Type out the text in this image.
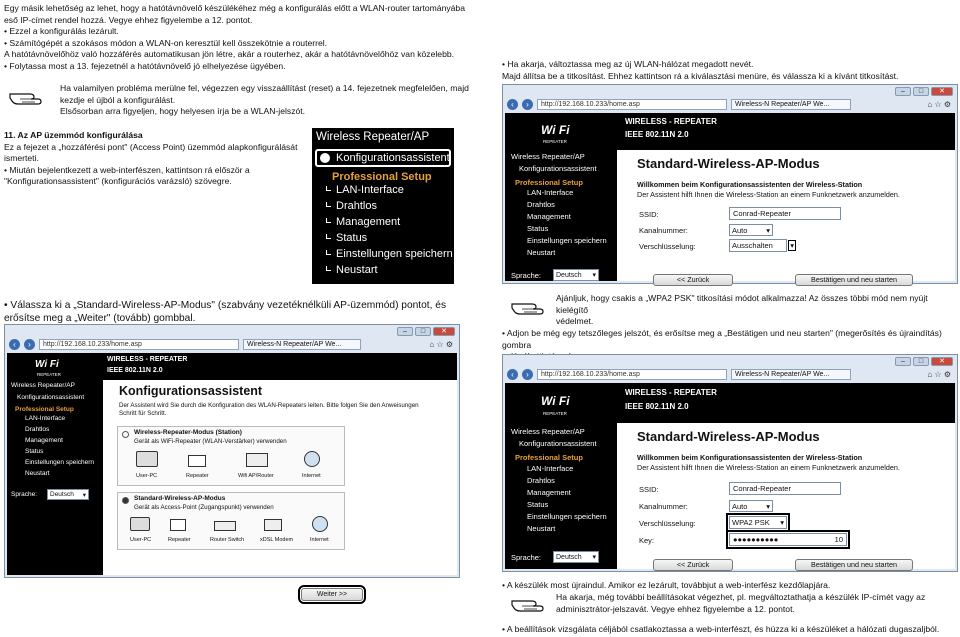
Egy másik lehetőség az lehet, hogy a hatótávnövelő készülékéhez még a konfigurálás előtt a WLAN-router tartományába
eső IP-címet rendel hozzá. Vegye ehhez figyelembe a 12. pontot.
• Ezzel a konfigurálás lezárult.
• Számítógépét a szokásos módon a WLAN-on keresztül kell összekötnie a routerrel.
A hatótávnövelőhöz való hozzáférés automatikusan jön létre, akár a routerhez, akár a hatótávnövelőhöz van közelebb.
• Folytassa most a 13. fejezetnél a hatótávnövelő jó elhelyezése ügyében.
Ha valamilyen probléma merülne fel, végezzen egy visszaállítást (reset) a 14. fejezetnek megfelelően, majd
kezdje el újból a konfigurálást.
Elsősorban arra figyeljen, hogy helyesen írja be a WLAN-jelszót.
11. Az AP üzemmód konfigurálása
Ez a fejezet a „hozzáférési pont" (Access Point) üzemmód alapkonfigurálását
ismerteti.
• Miután bejelentkezett a web-interfészen, kattintson rá először a
"Konfigurationsassistent" (konfigurációs varázsló) szövegre.
Wireless Repeater/AP
Konfigurationsassistent
Professional Setup
LAN-Interface
Drahtlos
Management
Status
Einstellungen speichern
Neustart
• Ha akarja, változtassa meg az új WLAN-hálózat megadott nevét.
Majd állítsa be a titkosítást. Ehhez kattintson rá a kiválasztási menüre, és válassza ki a kívánt titkosítást.
–	□	✕
‹	›	http://192.168.10.233/home.asp	Wireless-N Repeater/AP We...	⌂ ☆ ⚙
Wi Fi
REPEATER
WIRELESS - REPEATER
IEEE 802.11N 2.0
Wireless Repeater/AP
Konfigurationsassistent
Professional Setup
LAN-Interface
Drahtlos
Management
Status
Einstellungen speichern
Neustart
Sprache: Deutsch ▾
Standard-Wireless-AP-Modus
Willkommen beim Konfigurationsassistenten der Wireless-Station
Der Assistent hilft Ihnen die Wireless-Station an einem Funknetzwerk anzumelden.
SSID:	Conrad-Repeater
Kanalnummer:	Auto	▾
Verschlüsselung:	Ausschalten ▾
<< Zurück	Bestätigen und neu starten
• Válassza ki a „Standard-Wireless-AP-Modus" (szabvány vezetéknélküli AP-üzemmód) pontot, és
erősítse meg a „Weiter" (tovább) gombbal.
–	□	✕
‹	›	http://192.168.10.233/home.asp	Wireless-N Repeater/AP We...	⌂ ☆ ⚙
Wi Fi
REPEATER
WIRELESS - REPEATER
IEEE 802.11N 2.0
Wireless Repeater/AP
Konfigurationsassistent
Professional Setup
LAN-Interface
Drahtlos
Management
Status
Einstellungen speichern
Neustart
Sprache: Deutsch ▾
Konfigurationsassistent
Der Assistent wird Sie durch die Konfiguration des WLAN-Repeaters leiten. Bitte folgen Sie den Anweisungen
Schritt für Schritt.
Wireless-Repeater-Modus (Station)
Gerät als WiFi-Repeater (WLAN-Verstärker) verwenden
User-PC	Repeater	Wifi AP/Router	Internet
Standard-Wireless-AP-Modus
Gerät als Access-Point (Zugangspunkt) verwenden
User-PC	Repeater	Router Switch	xDSL Modem	Internet
Weiter >>
Ajánljuk, hogy csakis a „WPA2 PSK" titkosítási módot alkalmazza! Az összes többi mód nem nyújt kielégítő
védelmet.
• Adjon be még egy tetszőleges jelszót, és erősítse meg a „Bestätigen und neu starten" (megerősítés és újraindítás) gombra
–	□	✕
‹	›	http://192.168.10.233/home.asp	Wireless-N Repeater/AP We...	⌂ ☆ ⚙
Wi Fi
REPEATER
WIRELESS - REPEATER
IEEE 802.11N 2.0
Wireless Repeater/AP
Konfigurationsassistent
Professional Setup
LAN-Interface
Drahtlos
Management
Status
Einstellungen speichern
Neustart
Sprache: Deutsch ▾
Standard-Wireless-AP-Modus
Willkommen beim Konfigurationsassistenten der Wireless-Station
Der Assistent hilft Ihnen die Wireless-Station an einem Funknetzwerk anzumelden.
SSID:	Conrad-Repeater
Kanalnummer:	Auto	▾
Verschlüsselung:	WPA2 PSK ▾
Key:	●●●●●●●●●●	10
<< Zurück	Bestätigen und neu starten
• A készülék most újraindul. Amikor ez lezárult, továbbjut a web-interfész kezdőlapjára.
Ha akarja, még további beállításokat végezhet, pl. megváltoztathatja a készülék IP-címét vagy az
adminisztrátor-jelszavát. Vegye ehhez figyelembe a 12. pontot.
• A beállítások vizsgálata céljából csatlakoztassa a web-interfészt, és húzza ki a készüléket a hálózati dugaszaljból.
